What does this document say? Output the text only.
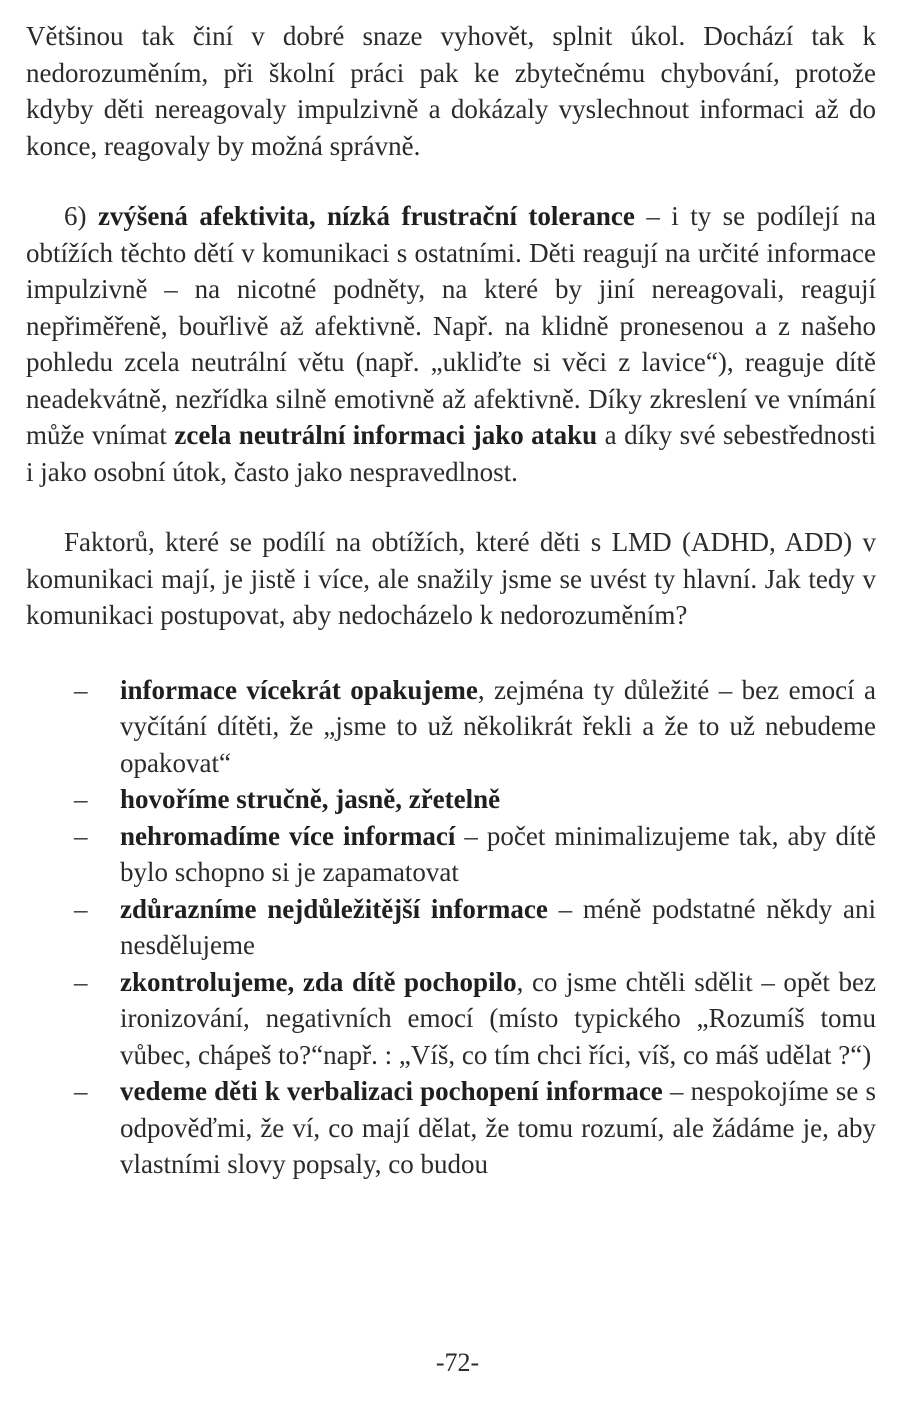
Většinou tak činí v dobré snaze vyhovět, splnit úkol. Dochází tak k nedorozuměním, při školní práci pak ke zbytečnému chybování, protože kdyby děti nereagovaly impulzivně a dokázaly vyslechnout informaci až do konce, reagovaly by možná správně.

6) zvýšená afektivita, nízká frustrační tolerance – i ty se podílejí na obtížích těchto dětí v komunikaci s ostatními. Děti reagují na určité informace impulzivně – na nicotné podněty, na které by jiní nereagovali, reagují nepřiměřeně, bouřlivě až afektivně. Např. na klidně pronesenou a z našeho pohledu zcela neutrální větu (např. „ukliďte si věci z lavice“), reaguje dítě neadekvátně, nezřídka silně emotivně až afektivně. Díky zkreslení ve vnímání může vnímat zcela neutrální informaci jako ataku a díky své sebestřednosti i jako osobní útok, často jako nespravedlnost.

Faktorů, které se podílí na obtížích, které děti s LMD (ADHD, ADD) v komunikaci mají, je jistě i více, ale snažily jsme se uvést ty hlavní. Jak tedy v komunikaci postupovat, aby nedocházelo k nedorozuměním?

– informace vícekrát opakujeme, zejména ty důležité – bez emocí a vyčítání dítěti, že „jsme to už několikrát řekli a že to už nebudeme opakovat“
– hovoříme stručně, jasně, zřetelně
– nehromadíme více informací – počet minimalizujeme tak, aby dítě bylo schopno si je zapamatovat
– zdůrazníme nejdůležitější informace – méně podstatné někdy ani nesdělujeme
– zkontrolujeme, zda dítě pochopilo, co jsme chtěli sdělit – opět bez ironizování, negativních emocí (místo typického „Rozumíš tomu vůbec, chápeš to?“např. : „Víš, co tím chci říci, víš, co máš udělat ?“)
– vedeme děti k verbalizaci pochopení informace – nespokojíme se s odpověďmi, že ví, co mají dělat, že tomu rozumí, ale žádáme je, aby vlastními slovy popsaly, co budou
-72-
